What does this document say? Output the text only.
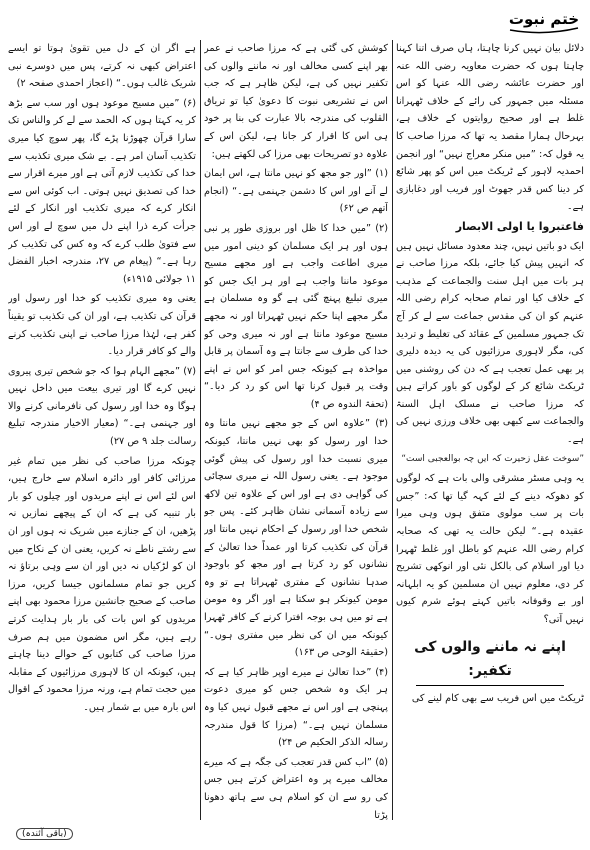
ختم نبوت

دلائل بیان نہیں کرنا چاہتا، ہاں صرف اتنا کہنا چاہتا ہوں کہ حضرت معاویہ رضی اللہ عنہ اور حضرت عائشہ رضی اللہ عنہا کو اس مسئلہ میں جمہور کی رائے کے خلاف ٹھہرانا غلط ہے اور صحیح روایتوں کے خلاف ہے، بہرحال ہمارا مقصد یہ تھا کہ مرزا صاحب کا یہ قول کہ: ”میں منکر معراج نہیں“ اور انجمن احمدیہ لاہور کے ٹریکٹ میں اس کو پھر شائع کر دینا کس قدر جھوٹ اور فریب اور دغابازی ہے۔

فاعتبروا یا اولی الابصار

ایک دو باتیں نہیں، چند معدود مسائل نہیں ہیں کہ انہیں پیش کیا جائے، بلکہ مرزا صاحب نے ہر بات میں اہل سنت والجماعت کے مذہب کے خلاف کیا اور تمام صحابہ کرام رضی اللہ عنہم کو ان کی مقدس جماعت سے لے کر آج تک جمہور مسلمین کے عقائد کی تغلیط و تردید کی، مگر لاہوری مرزائیوں کی یہ دیدہ دلیری پر بھی عمل تعجب ہے کہ دن کی روشنی میں ٹریکٹ شائع کر کے لوگوں کو باور کراتے ہیں کہ مرزا صاحب نے مسلک اہل السنۃ والجماعت سے کبھی بھی خلاف ورزی نہیں کی ہے۔

”سوخت عقل زحیرت کہ ایں چہ بوالعجبی است“

یہ وہی مسٹر مشرقی والی بات ہے کہ لوگوں کو دھوکہ دینے کے لئے کہہ گیا تھا کہ: ”جس بات پر سب مولوی متفق ہوں وہی میرا عقیدہ ہے۔“ لیکن حالت یہ تھی کہ صحابہ کرام رضی اللہ عنہم کو باطل اور غلط ٹھہرا دیا اور اسلام کی بالکل نئی اور انوکھی تشریح کر دی، معلوم نہیں ان مسلمین کو یہ ابلہانہ اور بے وقوفانہ باتیں کہتے ہوئے شرم کیوں نہیں آتی؟

اپنے نہ ماننے والوں کی تکفیر:

ٹریکٹ میں اس فریب سے بھی کام لینے کی

کوشش کی گئی ہے کہ مرزا صاحب نے عمر بھر اپنے کسی مخالف اور نہ ماننے والوں کی تکفیر نہیں کی ہے، لیکن ظاہر ہے کہ جب اس نے تشریعی نبوت کا دعویٰ کیا تو تریاق القلوب کی مندرجہ بالا عبارت کی بنا پر خود ہی اس کا اقرار کر جانا ہے، لیکن اس کے علاوہ دو تصریحات بھی مرزا کی لکھتے ہیں:

(۱) ”اور جو مجھ کو نہیں مانتا ہے، اس ایمان لے آنے اور اس کا دشمن جہنمی ہے۔“ (انجام آتھم ص ۶۲)

(۲) ”میں خدا کا ظل اور بروزی طور پر نبی ہوں اور ہر ایک مسلمان کو دینی امور میں میری اطاعت واجب ہے اور مجھے مسیح موعود ماننا واجب ہے اور ہر ایک جس کو میری تبلیغ پہنچ گئی ہے گو وہ مسلمان ہے مگر مجھے اپنا حکم نہیں ٹھہراتا اور نہ مجھے مسیح موعود مانتا ہے اور نہ میری وحی کو خدا کی طرف سے جانتا ہے وہ آسمان پر قابل مواخذہ ہے کیونکہ جس امر کو اس نے اپنے وقت پر قبول کرنا تھا اس کو رد کر دیا۔“ (تحفۃ الندوہ ص ۴)

(۳) ”علاوہ اس کے جو مجھے نہیں مانتا وہ خدا اور رسول کو بھی نہیں مانتا، کیونکہ میری نسبت خدا اور رسول کی پیش گوئی موجود ہے۔ یعنی رسول اللہ نے میری سچائی کی گواہی دی ہے اور اس کے علاوہ تین لاکھ سے زیادہ آسمانی نشان ظاہر کئے۔ پس جو شخص خدا اور رسول کے احکام نہیں مانتا اور قرآن کی تکذیب کرتا اور عمداً خدا تعالیٰ کے نشانوں کو رد کرتا ہے اور مجھ کو باوجود صدہا نشانوں کے مفتری ٹھہراتا ہے تو وہ مومن کیونکر ہو سکتا ہے اور اگر وہ مومن ہے تو میں ہی بوجہ افترا کرنے کے کافر ٹھہرا کیونکہ میں ان کی نظر میں مفتری ہوں۔“ (حقیقۃ الوحی ص ۱۶۳)

(۴) ”خدا تعالیٰ نے میرے اوپر ظاہر کیا ہے کہ ہر ایک وہ شخص جس کو میری دعوت پہنچی ہے اور اس نے مجھے قبول نہیں کیا وہ مسلمان نہیں ہے۔“ (مرزا کا قول مندرجہ رسالہ الذکر الحکیم ص ۲۴)

(۵) ”اب کس قدر تعجب کی جگہ ہے کہ میرے مخالف میرے پر وہ اعتراض کرتے ہیں جس کی رو سے ان کو اسلام ہی سے ہاتھ دھونا پڑتا

ہے اگر ان کے دل میں تقویٰ ہوتا تو ایسے اعتراض کبھی نہ کرتے، پس میں دوسرے نبی شریک غالب ہوں۔“ (اعجاز احمدی صفحہ ۲)

(۶) ”میں مسیح موعود ہوں اور سب سے بڑھ کر یہ کہتا ہوں کہ الحمد سے لے کر والناس تک سارا قرآن چھوڑنا پڑے گا، پھر سوچ کیا میری تکذیب آسان امر ہے۔ بے شک میری تکذیب سے خدا کی تکذیب لازم آتی ہے اور میرے اقرار سے خدا کی تصدیق نہیں ہوتی۔ اب کوئی اس سے انکار کرے کہ میری تکذیب اور انکار کے لئے جرأت کرے ذرا اپنے دل میں سوچ لے اور اس سے فتویٰ طلب کرے کہ وہ کس کی تکذیب کر رہا ہے۔“ (پیغام ص ۲۷، مندرجہ اخبار الفضل ۱۱ جولائی ۱۹۱۵ء)

یعنی وہ میری تکذیب کو خدا اور رسول اور قرآن کی تکذیب ہے، اور ان کی تکذیب تو یقیناً کفر ہے، لہٰذا مرزا صاحب نے اپنی تکذیب کرنے والے کو کافر قرار دیا۔

(۷) ”مجھے الہام ہوا کہ جو شخص تیری پیروی نہیں کرے گا اور تیری بیعت میں داخل نہیں ہوگا وہ خدا اور رسول کی نافرمانی کرنے والا اور جہنمی ہے۔“ (معیار الاخیار مندرجہ تبلیغ رسالت جلد ۹ ص ۲۷)

چونکہ مرزا صاحب کی نظر میں تمام غیر مرزائی کافر اور دائرہ اسلام سے خارج ہیں، اس لئے اس نے اپنے مریدوں اور چیلوں کو بار بار تنبیہ کی ہے کہ ان کے پیچھے نمازیں نہ پڑھیں، ان کے جنازے میں شریک نہ ہوں اور ان سے رشتے ناطے نہ کریں، یعنی ان کے نکاح میں ان کو لڑکیاں نہ دیں اور ان سے وہی برتاؤ نہ کریں جو تمام مسلمانوں جیسا کریں، مرزا صاحب کے صحیح جانشین مرزا محمود بھی اپنے مریدوں کو اس بات کی بار بار ہدایت کرتے رہے ہیں، مگر اس مضمون میں ہم صرف مرزا صاحب کی کتابوں کے حوالے دینا چاہتے ہیں، کیونکہ ان کا لاہوری مرزائیوں کے مقابلہ میں حجت تمام ہے، ورنہ مرزا محمود کے اقوال اس بارہ میں بے شمار ہیں۔

(باقی آئندہ)
